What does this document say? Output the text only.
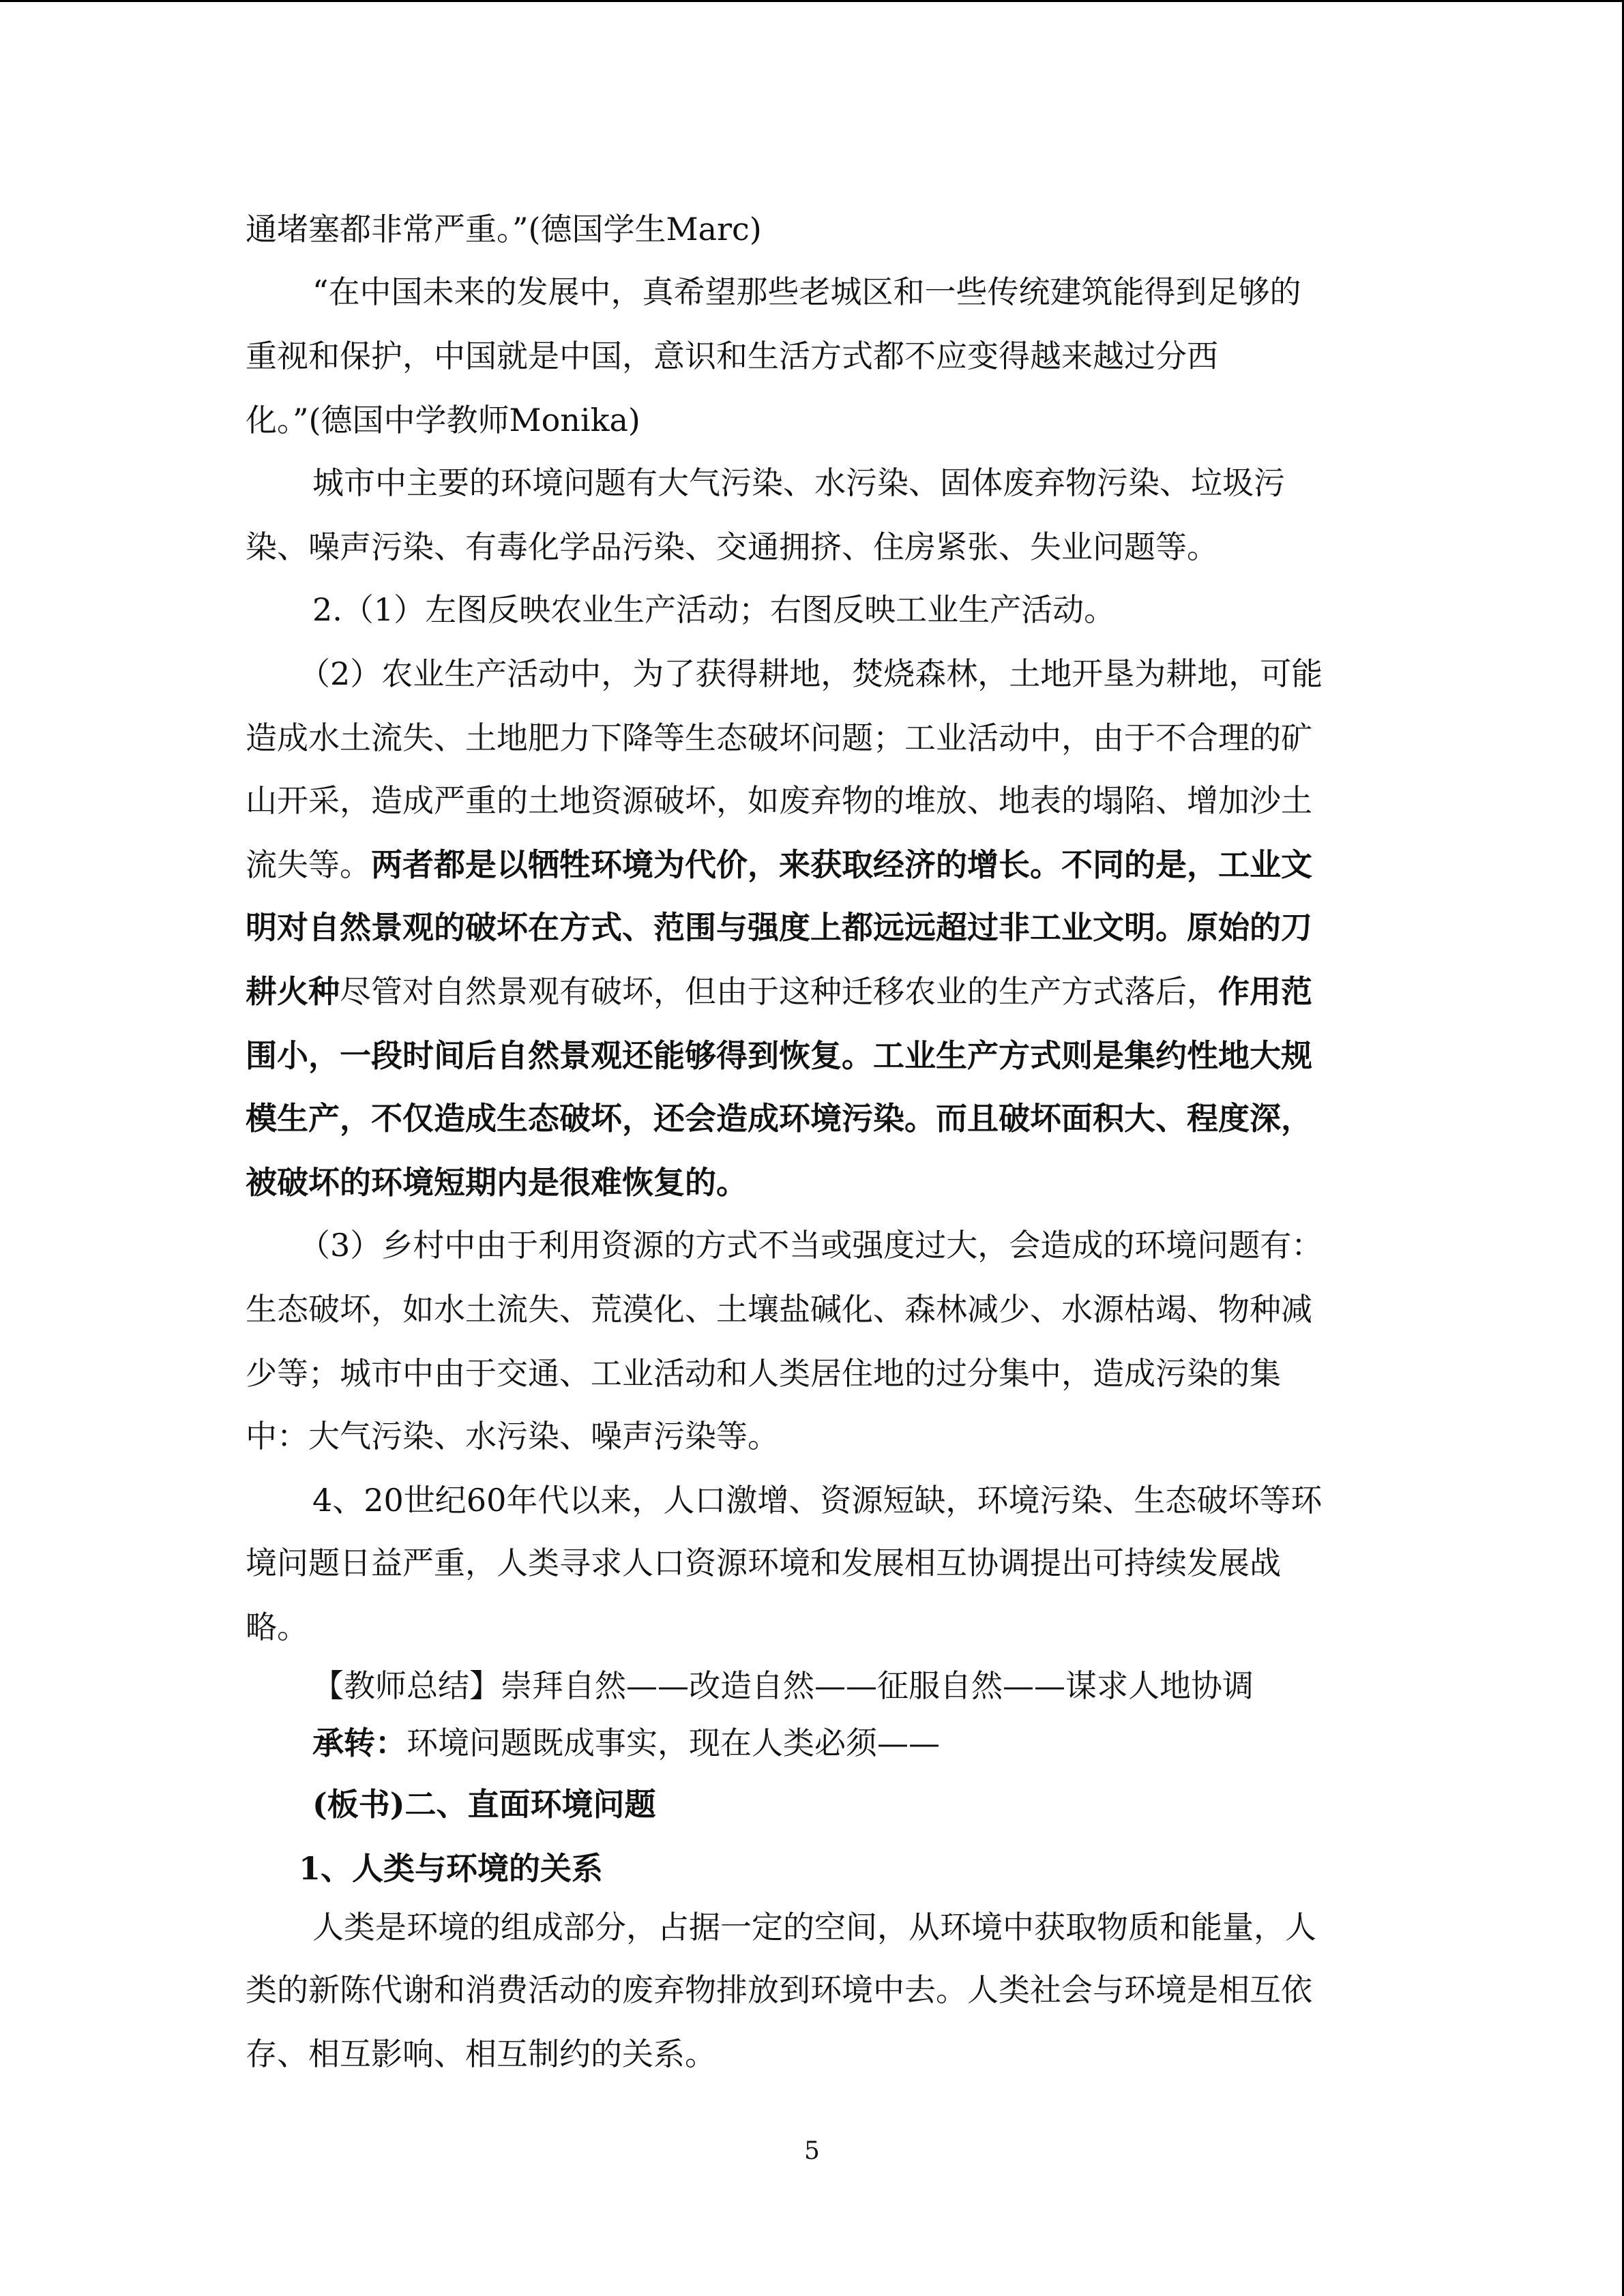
通堵塞都非常严重。”(德国学生Marc)

“在中国未来的发展中，真希望那些老城区和一些传统建筑能得到足够的

重视和保护，中国就是中国，意识和生活方式都不应变得越来越过分西

化。”(德国中学教师Monika)

城市中主要的环境问题有大气污染、水污染、固体废弃物污染、垃圾污

染、噪声污染、有毒化学品污染、交通拥挤、住房紧张、失业问题等。

2.（1）左图反映农业生产活动；右图反映工业生产活动。

（2）农业生产活动中，为了获得耕地，焚烧森林，土地开垦为耕地，可能

造成水土流失、土地肥力下降等生态破坏问题；工业活动中，由于不合理的矿

山开采，造成严重的土地资源破坏，如废弃物的堆放、地表的塌陷、增加沙土

流失等。两者都是以牺牲环境为代价，来获取经济的增长。不同的是，工业文

明对自然景观的破坏在方式、范围与强度上都远远超过非工业文明。原始的刀

耕火种尽管对自然景观有破坏，但由于这种迁移农业的生产方式落后，作用范

围小，一段时间后自然景观还能够得到恢复。工业生产方式则是集约性地大规

模生产，不仅造成生态破坏，还会造成环境污染。而且破坏面积大、程度深，

被破坏的环境短期内是很难恢复的。

（3）乡村中由于利用资源的方式不当或强度过大，会造成的环境问题有：

生态破坏，如水土流失、荒漠化、土壤盐碱化、森林减少、水源枯竭、物种减

少等；城市中由于交通、工业活动和人类居住地的过分集中，造成污染的集

中：大气污染、水污染、噪声污染等。

4、20世纪60年代以来，人口激增、资源短缺，环境污染、生态破坏等环

境问题日益严重，人类寻求人口资源环境和发展相互协调提出可持续发展战

略。

【教师总结】崇拜自然——改造自然——征服自然——谋求人地协调

承转：环境问题既成事实，现在人类必须——

(板书)二、直面环境问题

1、人类与环境的关系

人类是环境的组成部分，占据一定的空间，从环境中获取物质和能量，人

类的新陈代谢和消费活动的废弃物排放到环境中去。人类社会与环境是相互依

存、相互影响、相互制约的关系。

5
